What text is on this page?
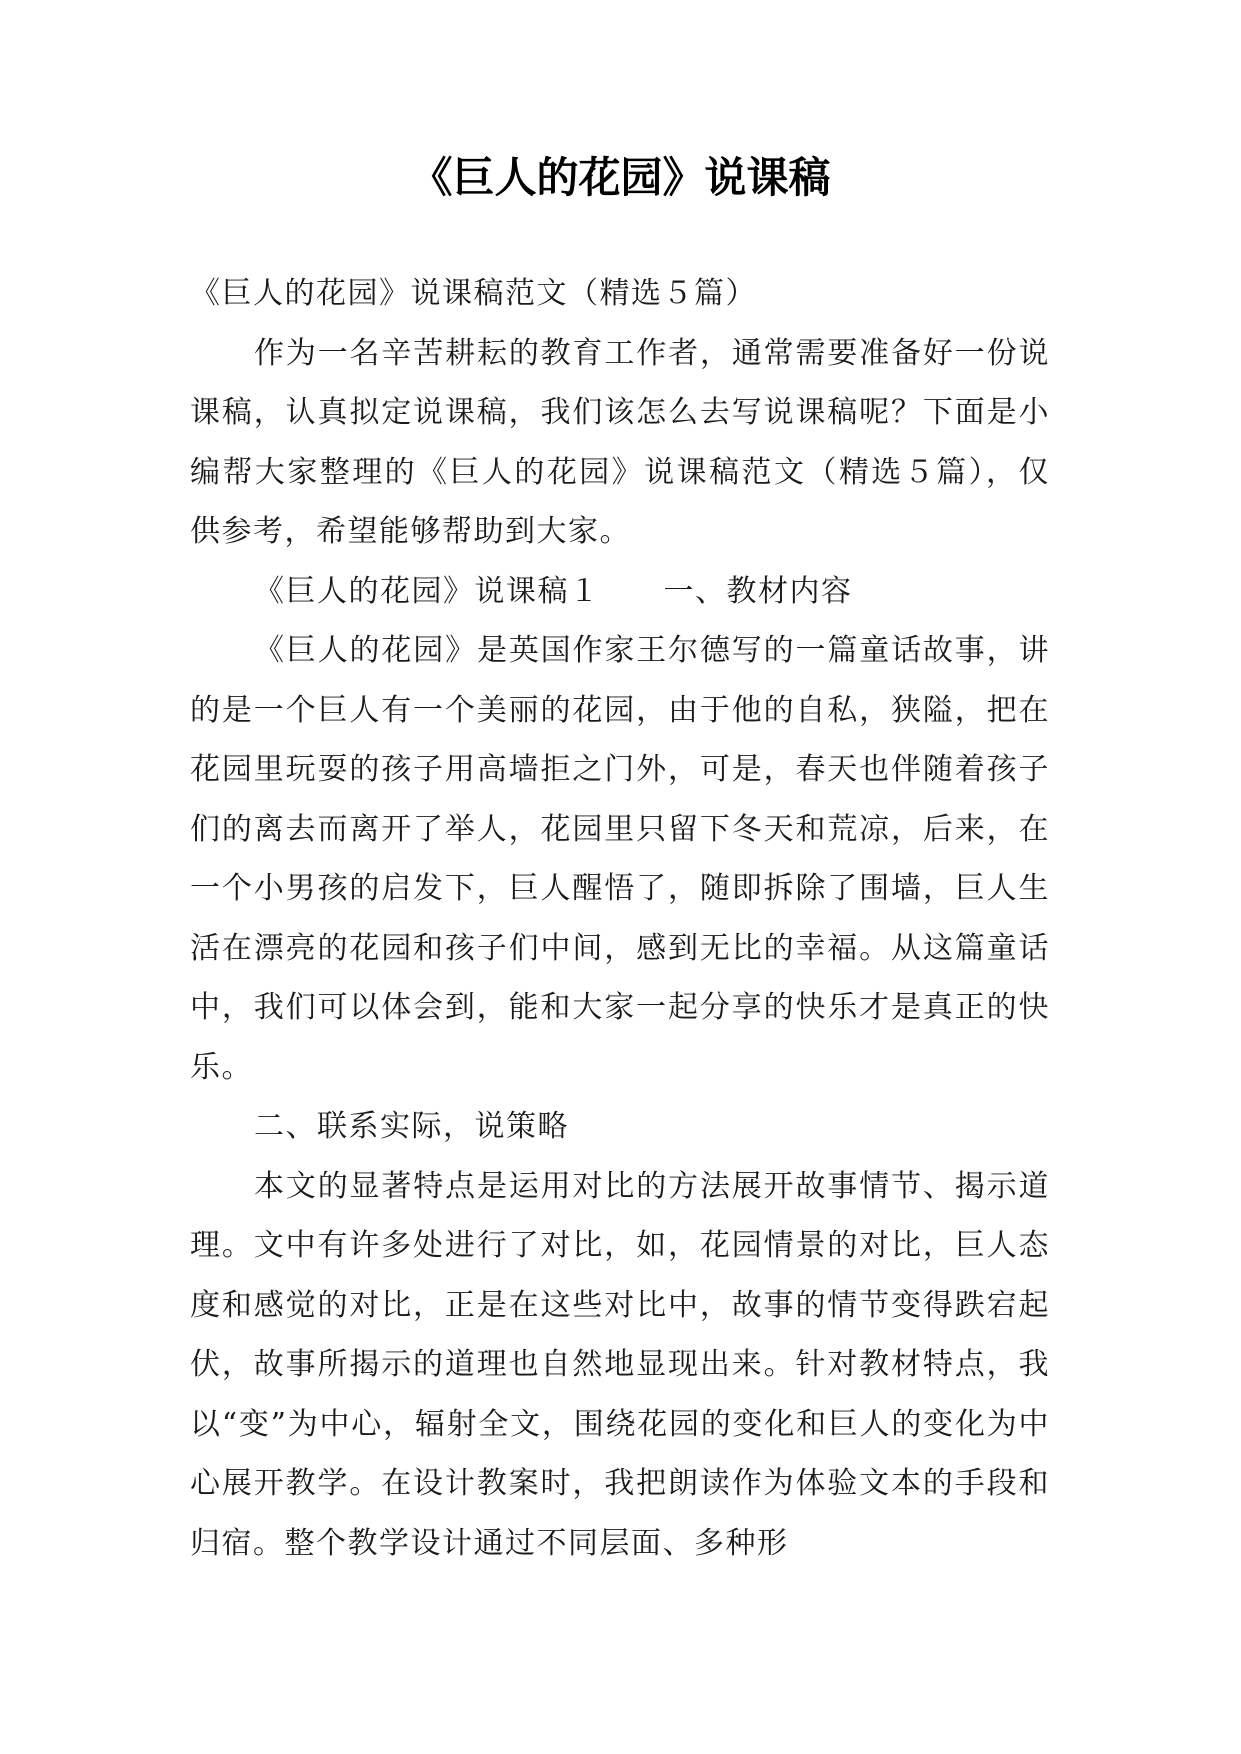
《巨人的花园》说课稿

《巨人的花园》说课稿范文（精选５篇）

作为一名辛苦耕耘的教育工作者，通常需要准备好一份说课稿，认真拟定说课稿，我们该怎么去写说课稿呢？下面是小编帮大家整理的《巨人的花园》说课稿范文（精选５篇），仅供参考，希望能够帮助到大家。

《巨人的花园》说课稿１　　一、教材内容

《巨人的花园》是英国作家王尔德写的一篇童话故事，讲的是一个巨人有一个美丽的花园，由于他的自私，狭隘，把在花园里玩耍的孩子用高墙拒之门外，可是，春天也伴随着孩子们的离去而离开了举人，花园里只留下冬天和荒凉，后来，在一个小男孩的启发下，巨人醒悟了，随即拆除了围墙，巨人生活在漂亮的花园和孩子们中间，感到无比的幸福。从这篇童话中，我们可以体会到，能和大家一起分享的快乐才是真正的快乐。

二、联系实际，说策略

本文的显著特点是运用对比的方法展开故事情节、揭示道理。文中有许多处进行了对比，如，花园情景的对比，巨人态度和感觉的对比，正是在这些对比中，故事的情节变得跌宕起伏，故事所揭示的道理也自然地显现出来。针对教材特点，我以“变”为中心，辐射全文，围绕花园的变化和巨人的变化为中心展开教学。在设计教案时，我把朗读作为体验文本的手段和归宿。整个教学设计通过不同层面、多种形
